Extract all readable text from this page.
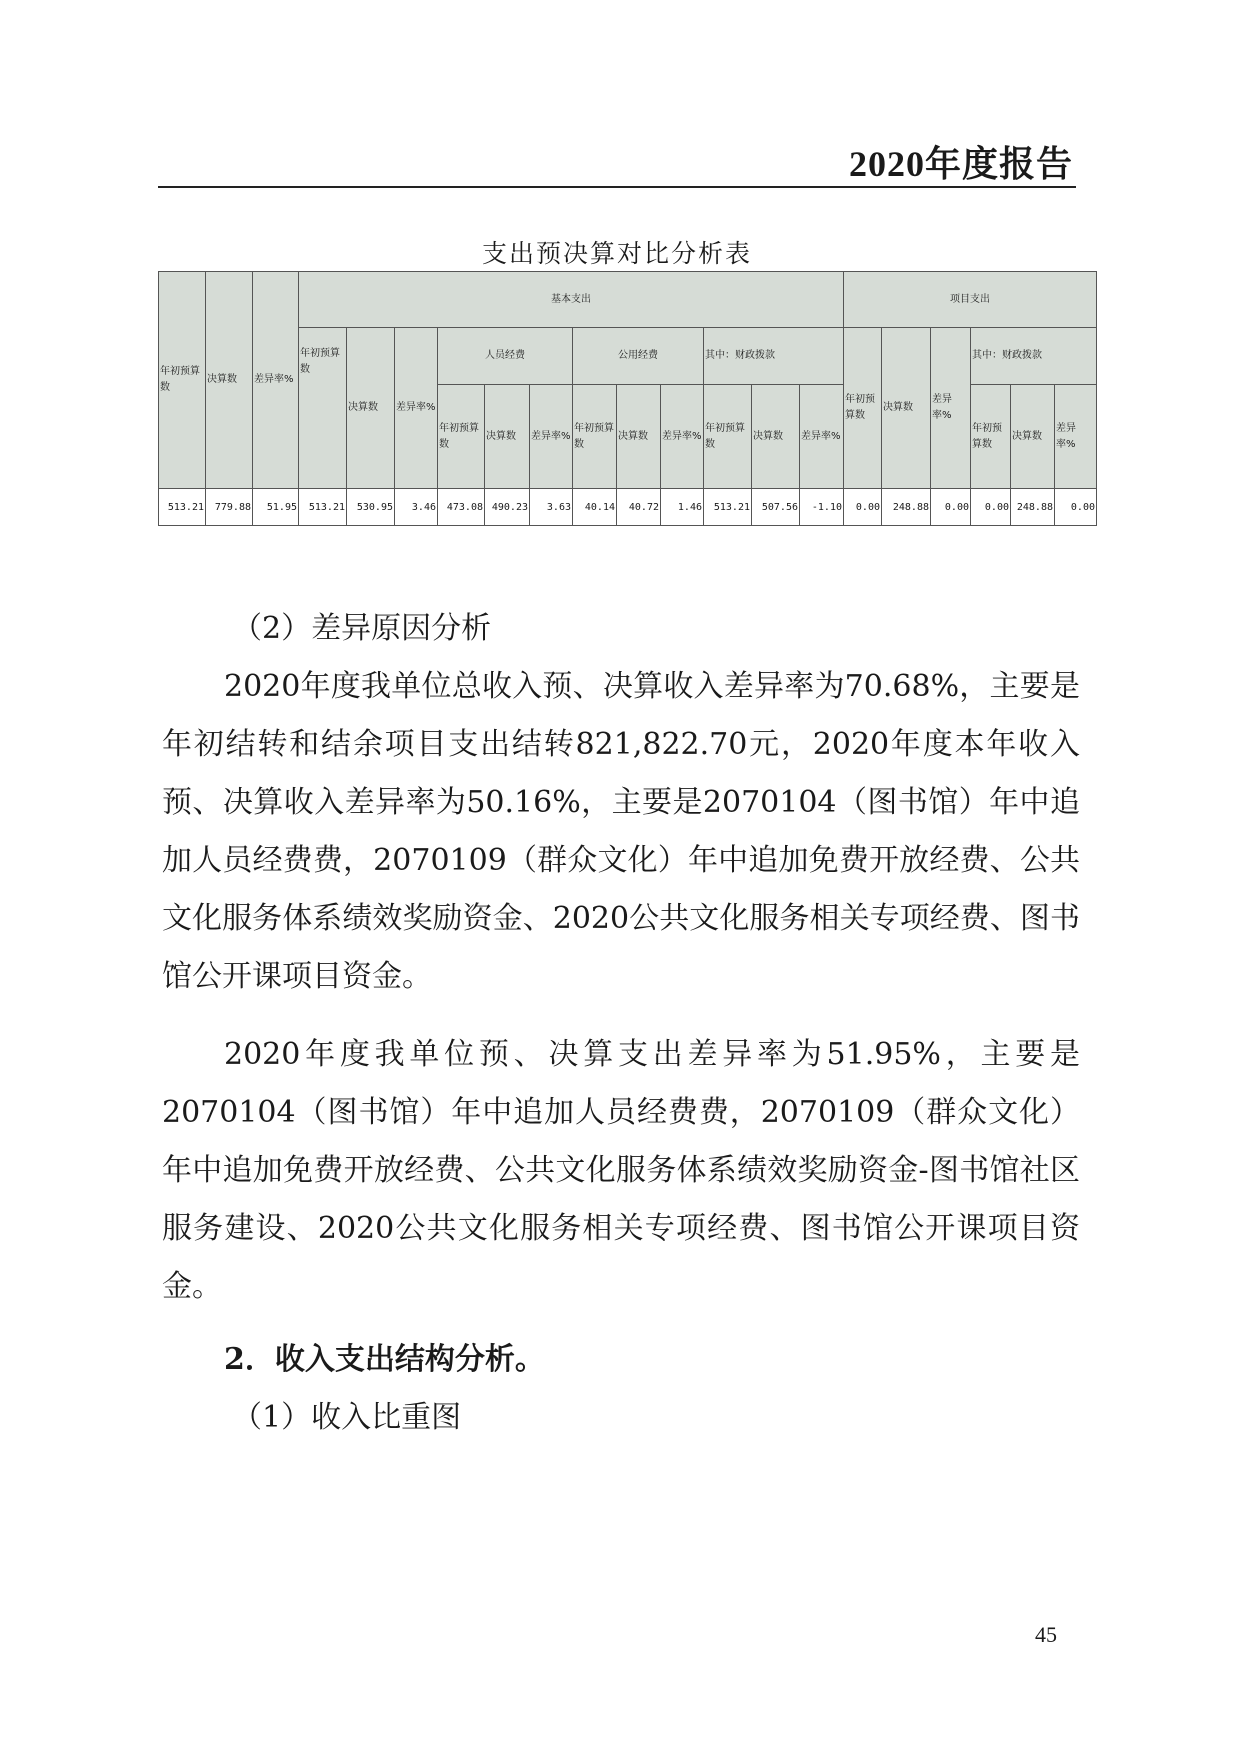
2020年度报告
支出预决算对比分析表
年初预算数	决算数	差异率%	基本支出												项目支出					
			年初预算数	决算数	差异率%	人员经费			公用经费			其中：财政拨款			年初预算数	决算数	差异率%	其中：财政拨款		
						年初预算数	决算数	差异率%	年初预算数	决算数	差异率%	年初预算数	决算数	差异率%				年初预算数	决算数	差异率%
513.21	779.88	51.95	513.21	530.95	3.46	473.08	490.23	3.63	40.14	40.72	1.46	513.21	507.56	-1.10	0.00	248.88	0.00	0.00	248.88	0.00

（2）差异原因分析

2020年度我单位总收入预、决算收入差异率为70.68%，主要是年初结转和结余项目支出结转821,822.70元，2020年度本年收入预、决算收入差异率为50.16%，主要是2070104（图书馆）年中追加人员经费费，2070109（群众文化）年中追加免费开放经费、公共文化服务体系绩效奖励资金、2020公共文化服务相关专项经费、图书馆公开课项目资金。

2020年度我单位预、决算支出差异率为51.95%，主要是2070104（图书馆）年中追加人员经费费，2070109（群众文化）年中追加免费开放经费、公共文化服务体系绩效奖励资金-图书馆社区服务建设、2020公共文化服务相关专项经费、图书馆公开课项目资金。

2．收入支出结构分析。

（1）收入比重图

45
